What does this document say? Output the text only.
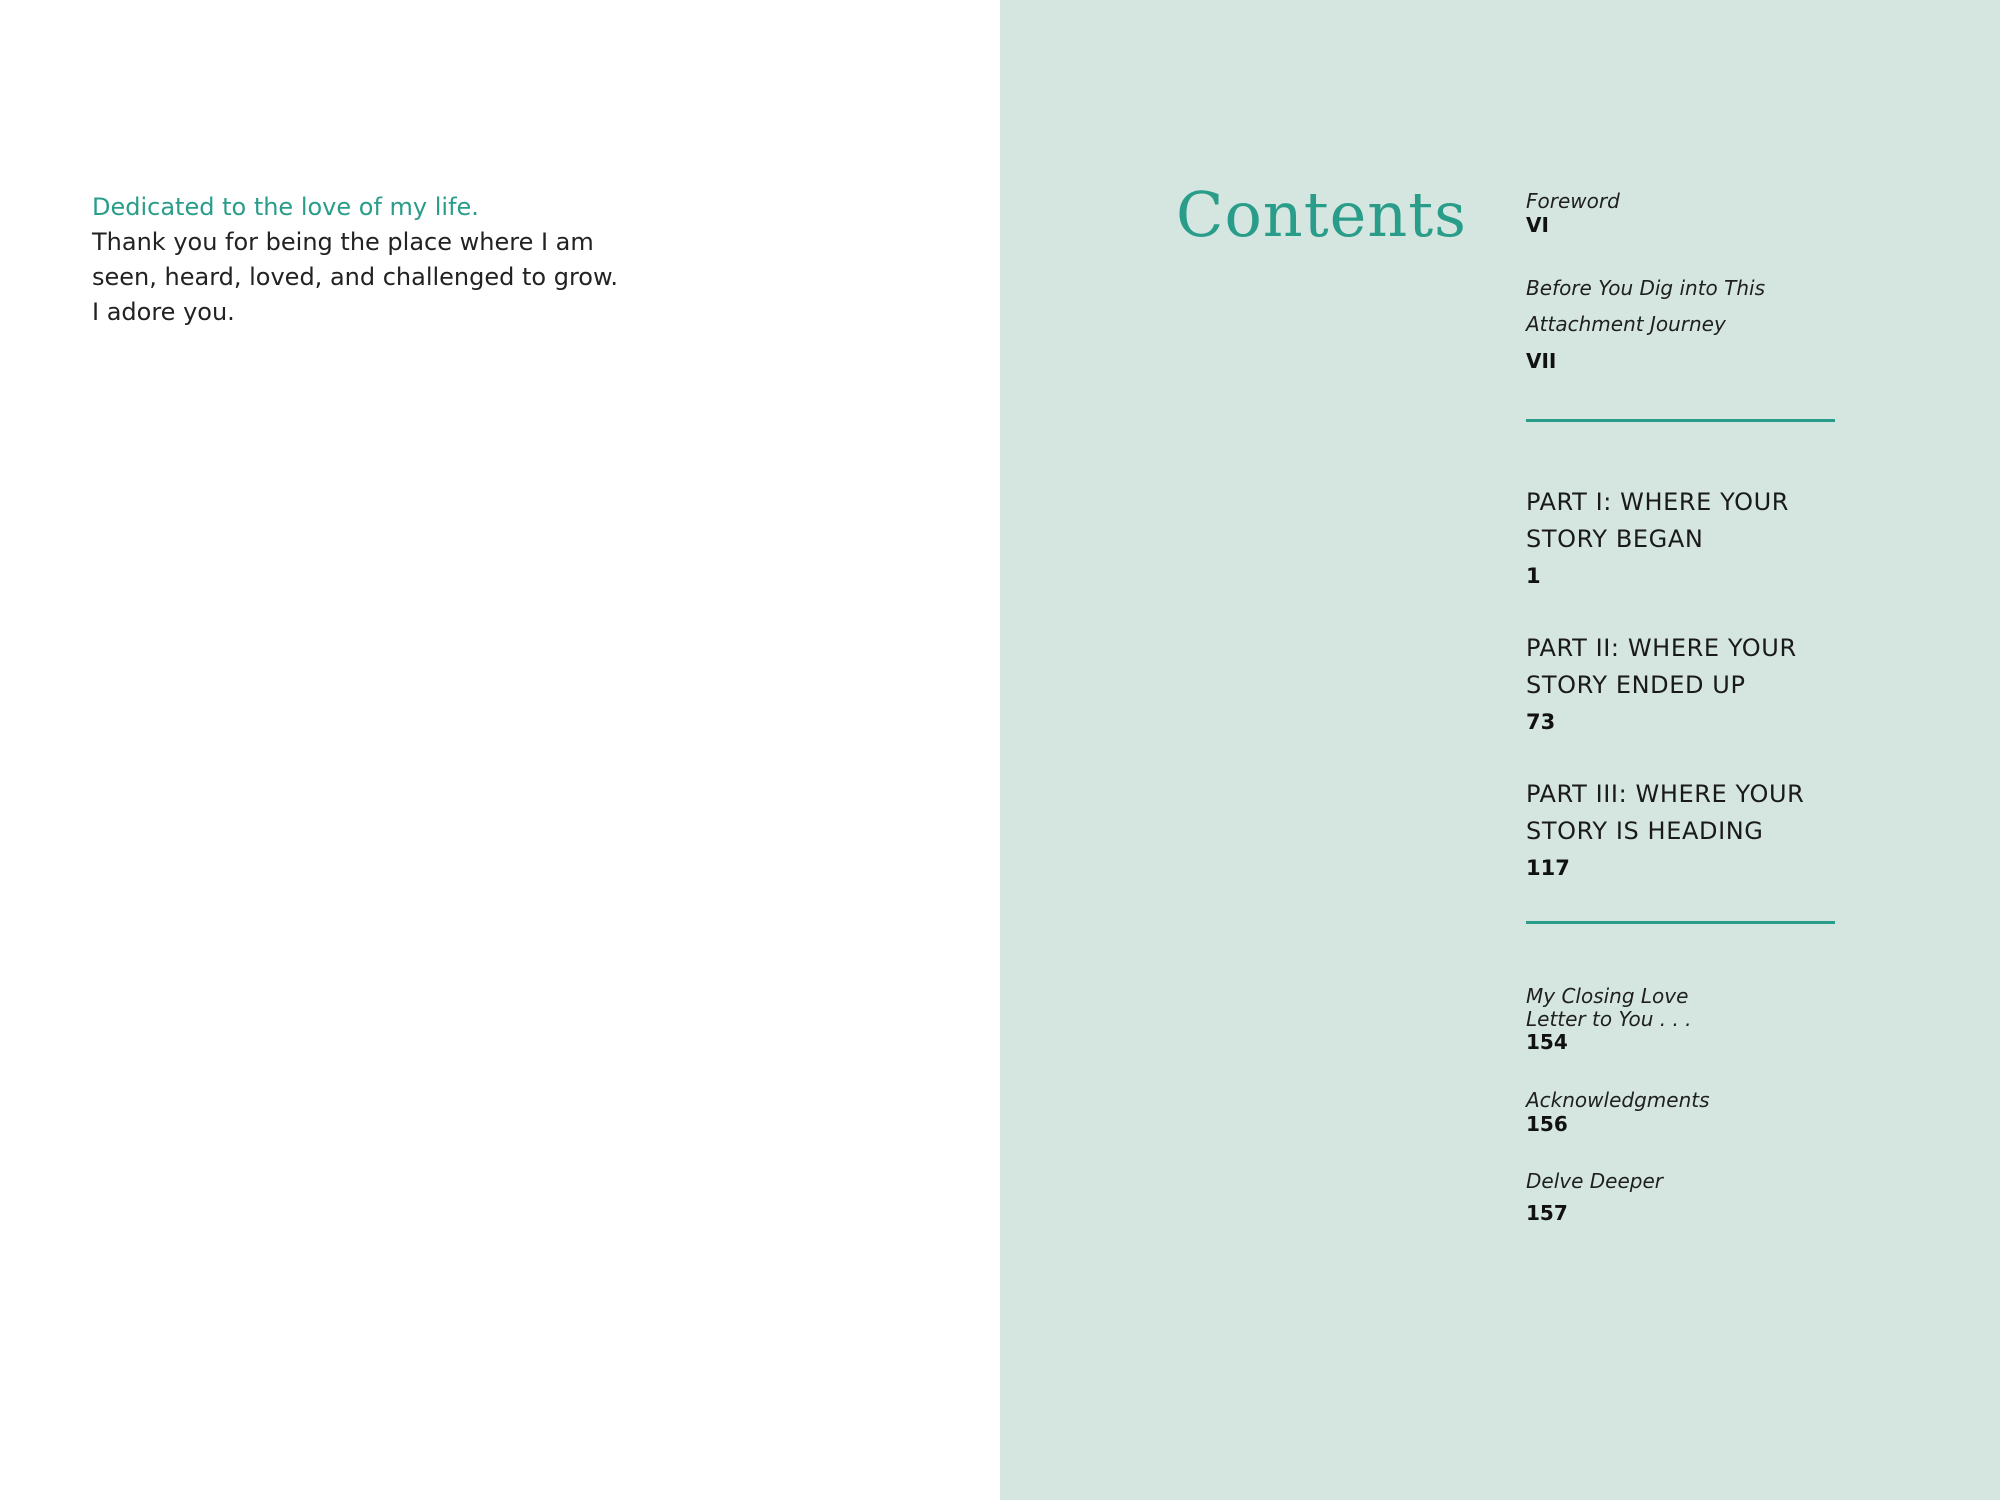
Dedicated to the love of my life.
Thank you for being the place where I am
seen, heard, loved, and challenged to grow.
I adore you.
Contents	Foreword
VI
Before You Dig into This
Attachment Journey
VII
PART I: WHERE YOUR
STORY BEGAN
1
PART II: WHERE YOUR
STORY ENDED UP
73
PART III: WHERE YOUR
STORY IS HEADING
117
My Closing Love
Letter to You . . .
154
Acknowledgments
156
Delve Deeper
157
